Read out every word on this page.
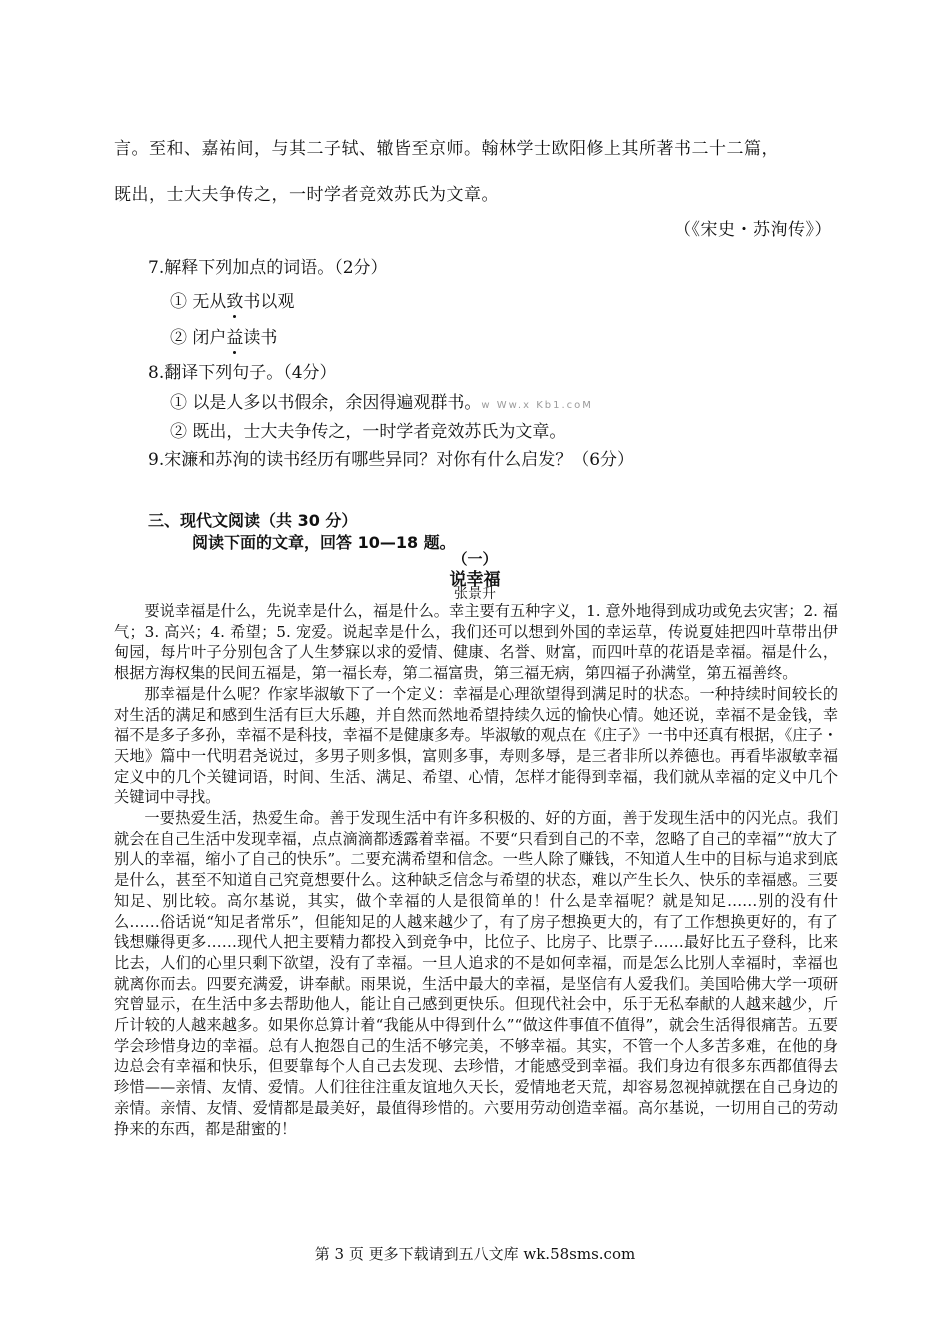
言。至和、嘉祐间，与其二子轼、辙皆至京师。翰林学士欧阳修上其所著书二十二篇，
既出，士大夫争传之，一时学者竞效苏氏为文章。
（《宋史・苏洵传》）
7.解释下列加点的词语。（2分）
① 无从致书以观
② 闭户益读书
8.翻译下列句子。（4分）
① 以是人多以书假余，余因得遍观群书。w Ww.x Kb1.coM
② 既出，士大夫争传之，一时学者竞效苏氏为文章。
9.宋濂和苏洵的读书经历有哪些异同？对你有什么启发？（6分）
三、现代文阅读（共 30 分）
阅读下面的文章，回答 10—18 题。
（一）
说幸福
张景升

要说幸福是什么，先说幸是什么，福是什么。幸主要有五种字义，1. 意外地得到成功或免去灾害；2. 福气；3. 高兴；4. 希望；5. 宠爱。说起幸是什么，我们还可以想到外国的幸运草，传说夏娃把四叶草带出伊甸园，每片叶子分别包含了人生梦寐以求的爱情、健康、名誉、财富，而四叶草的花语是幸福。福是什么，根据方海权集的民间五福是，第一福长寿，第二福富贵，第三福无病，第四福子孙满堂，第五福善终。

那幸福是什么呢？作家毕淑敏下了一个定义：幸福是心理欲望得到满足时的状态。一种持续时间较长的对生活的满足和感到生活有巨大乐趣，并自然而然地希望持续久远的愉快心情。她还说，幸福不是金钱，幸福不是多子多孙，幸福不是科技，幸福不是健康多寿。毕淑敏的观点在《庄子》一书中还真有根据，《庄子・天地》篇中一代明君尧说过，多男子则多惧，富则多事，寿则多辱，是三者非所以养德也。再看毕淑敏幸福定义中的几个关键词语，时间、生活、满足、希望、心情，怎样才能得到幸福，我们就从幸福的定义中几个关键词中寻找。

一要热爱生活，热爱生命。善于发现生活中有许多积极的、好的方面，善于发现生活中的闪光点。我们就会在自己生活中发现幸福，点点滴滴都透露着幸福。不要“只看到自己的不幸，忽略了自己的幸福”“放大了别人的幸福，缩小了自己的快乐”。二要充满希望和信念。一些人除了赚钱，不知道人生中的目标与追求到底是什么，甚至不知道自己究竟想要什么。这种缺乏信念与希望的状态，难以产生长久、快乐的幸福感。三要知足、别比较。高尔基说，其实，做个幸福的人是很简单的！什么是幸福呢？就是知足……别的没有什么……俗话说“知足者常乐”，但能知足的人越来越少了，有了房子想换更大的，有了工作想换更好的，有了钱想赚得更多……现代人把主要精力都投入到竞争中，比位子、比房子、比票子……最好比五子登科，比来比去，人们的心里只剩下欲望，没有了幸福。一旦人追求的不是如何幸福，而是怎么比别人幸福时，幸福也就离你而去。四要充满爱，讲奉献。雨果说，生活中最大的幸福，是坚信有人爱我们。美国哈佛大学一项研究曾显示，在生活中多去帮助他人，能让自己感到更快乐。但现代社会中，乐于无私奉献的人越来越少，斤斤计较的人越来越多。如果你总算计着“我能从中得到什么”“做这件事值不值得”，就会生活得很痛苦。五要学会珍惜身边的幸福。总有人抱怨自己的生活不够完美，不够幸福。其实，不管一个人多苦多难，在他的身边总会有幸福和快乐，但要靠每个人自己去发现、去珍惜，才能感受到幸福。我们身边有很多东西都值得去珍惜——亲情、友情、爱情。人们往往注重友谊地久天长，爱情地老天荒，却容易忽视掉就摆在自己身边的亲情。亲情、友情、爱情都是最美好，最值得珍惜的。六要用劳动创造幸福。高尔基说，一切用自己的劳动挣来的东西，都是甜蜜的！

第 3 页 更多下载请到五八文库 wk.58sms.com
